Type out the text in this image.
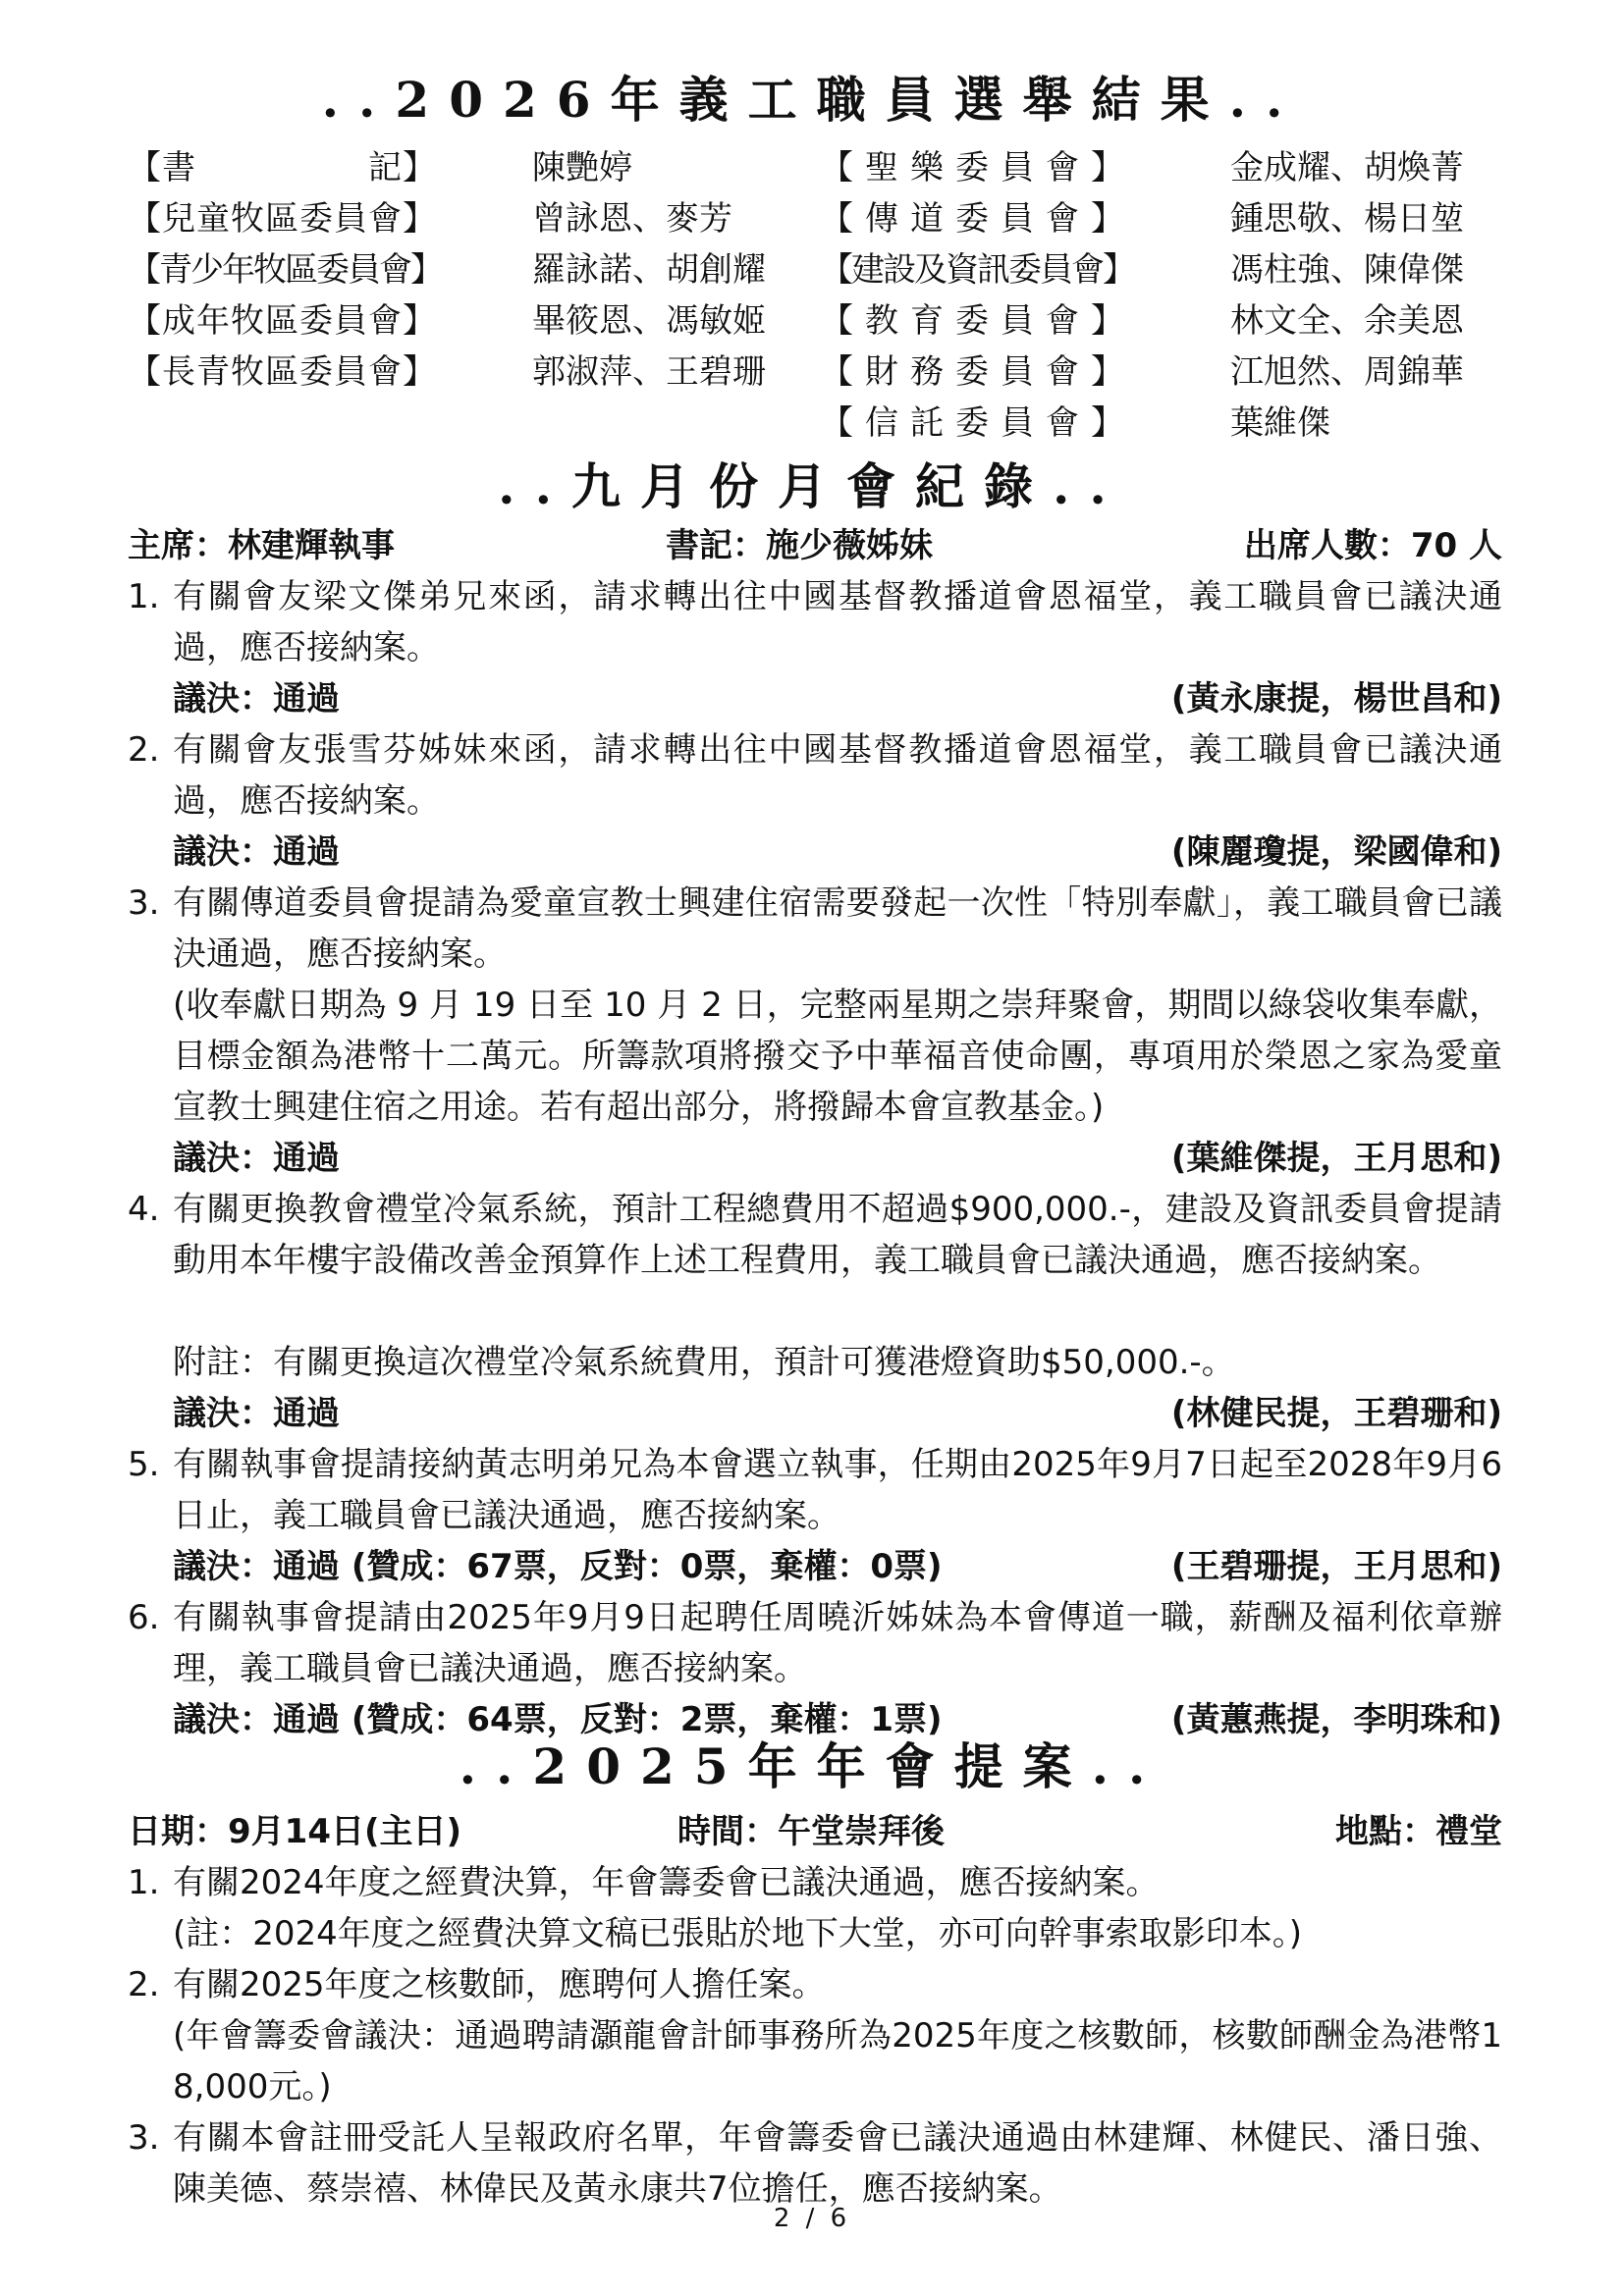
..2026年義工職員選舉結果..
【書　　　　　記】	陳艷婷
【兒童牧區委員會】	曾詠恩、麥芳
【青少年牧區委員會】	羅詠諾、胡創耀
【成年牧區委員會】	畢筱恩、馮敏姬
【長青牧區委員會】	郭淑萍、王碧珊
【聖樂委員會】	金成耀、胡煥菁
【傳道委員會】	鍾思敬、楊日堃
【建設及資訊委員會】	馮柱強、陳偉傑
【教育委員會】	林文全、余美恩
【財務委員會】	江旭然、周錦華
【信託委員會】	葉維傑
..九月份月會紀錄..
主席：林建輝執事	書記：施少薇姊妹	出席人數：70 人
1. 有關會友梁文傑弟兄來函，請求轉出往中國基督教播道會恩福堂，義工職員會已議決通過，應否接納案。
議決：通過	(黃永康提，楊世昌和)
2. 有關會友張雪芬姊妹來函，請求轉出往中國基督教播道會恩福堂，義工職員會已議決通過，應否接納案。
議決：通過	(陳麗瓊提，梁國偉和)
3. 有關傳道委員會提請為愛童宣教士興建住宿需要發起一次性「特別奉獻」，義工職員會已議決通過，應否接納案。
(收奉獻日期為 9 月 19 日至 10 月 2 日，完整兩星期之崇拜聚會，期間以綠袋收集奉獻，目標金額為港幣十二萬元。所籌款項將撥交予中華福音使命團，專項用於榮恩之家為愛童宣教士興建住宿之用途。若有超出部分，將撥歸本會宣教基金。)
議決：通過	(葉維傑提，王月思和)
4. 有關更換教會禮堂冷氣系統，預計工程總費用不超過$900,000.-，建設及資訊委員會提請動用本年樓宇設備改善金預算作上述工程費用，義工職員會已議決通過，應否接納案。
附註：有關更換這次禮堂冷氣系統費用，預計可獲港燈資助$50,000.-。
議決：通過	(林健民提，王碧珊和)
5. 有關執事會提請接納黃志明弟兄為本會選立執事，任期由2025年9月7日起至2028年9月6日止，義工職員會已議決通過，應否接納案。
議決：通過 (贊成：67票，反對：0票，棄權：0票)	(王碧珊提，王月思和)
6. 有關執事會提請由2025年9月9日起聘任周曉沂姊妹為本會傳道一職，薪酬及福利依章辦理，義工職員會已議決通過，應否接納案。
議決：通過 (贊成：64票，反對：2票，棄權：1票)	(黃蕙燕提，李明珠和)
..2025年年會提案..
日期：9月14日(主日)	時間：午堂崇拜後	地點：禮堂
1. 有關2024年度之經費決算，年會籌委會已議決通過，應否接納案。
(註：2024年度之經費決算文稿已張貼於地下大堂，亦可向幹事索取影印本。)
2. 有關2025年度之核數師，應聘何人擔任案。
(年會籌委會議決：通過聘請灝龍會計師事務所為2025年度之核數師，核數師酬金為港幣18,000元。)
3. 有關本會註冊受託人呈報政府名單，年會籌委會已議決通過由林建輝、林健民、潘日強、陳美德、蔡崇禧、林偉民及黃永康共7位擔任，應否接納案。
2 / 6
